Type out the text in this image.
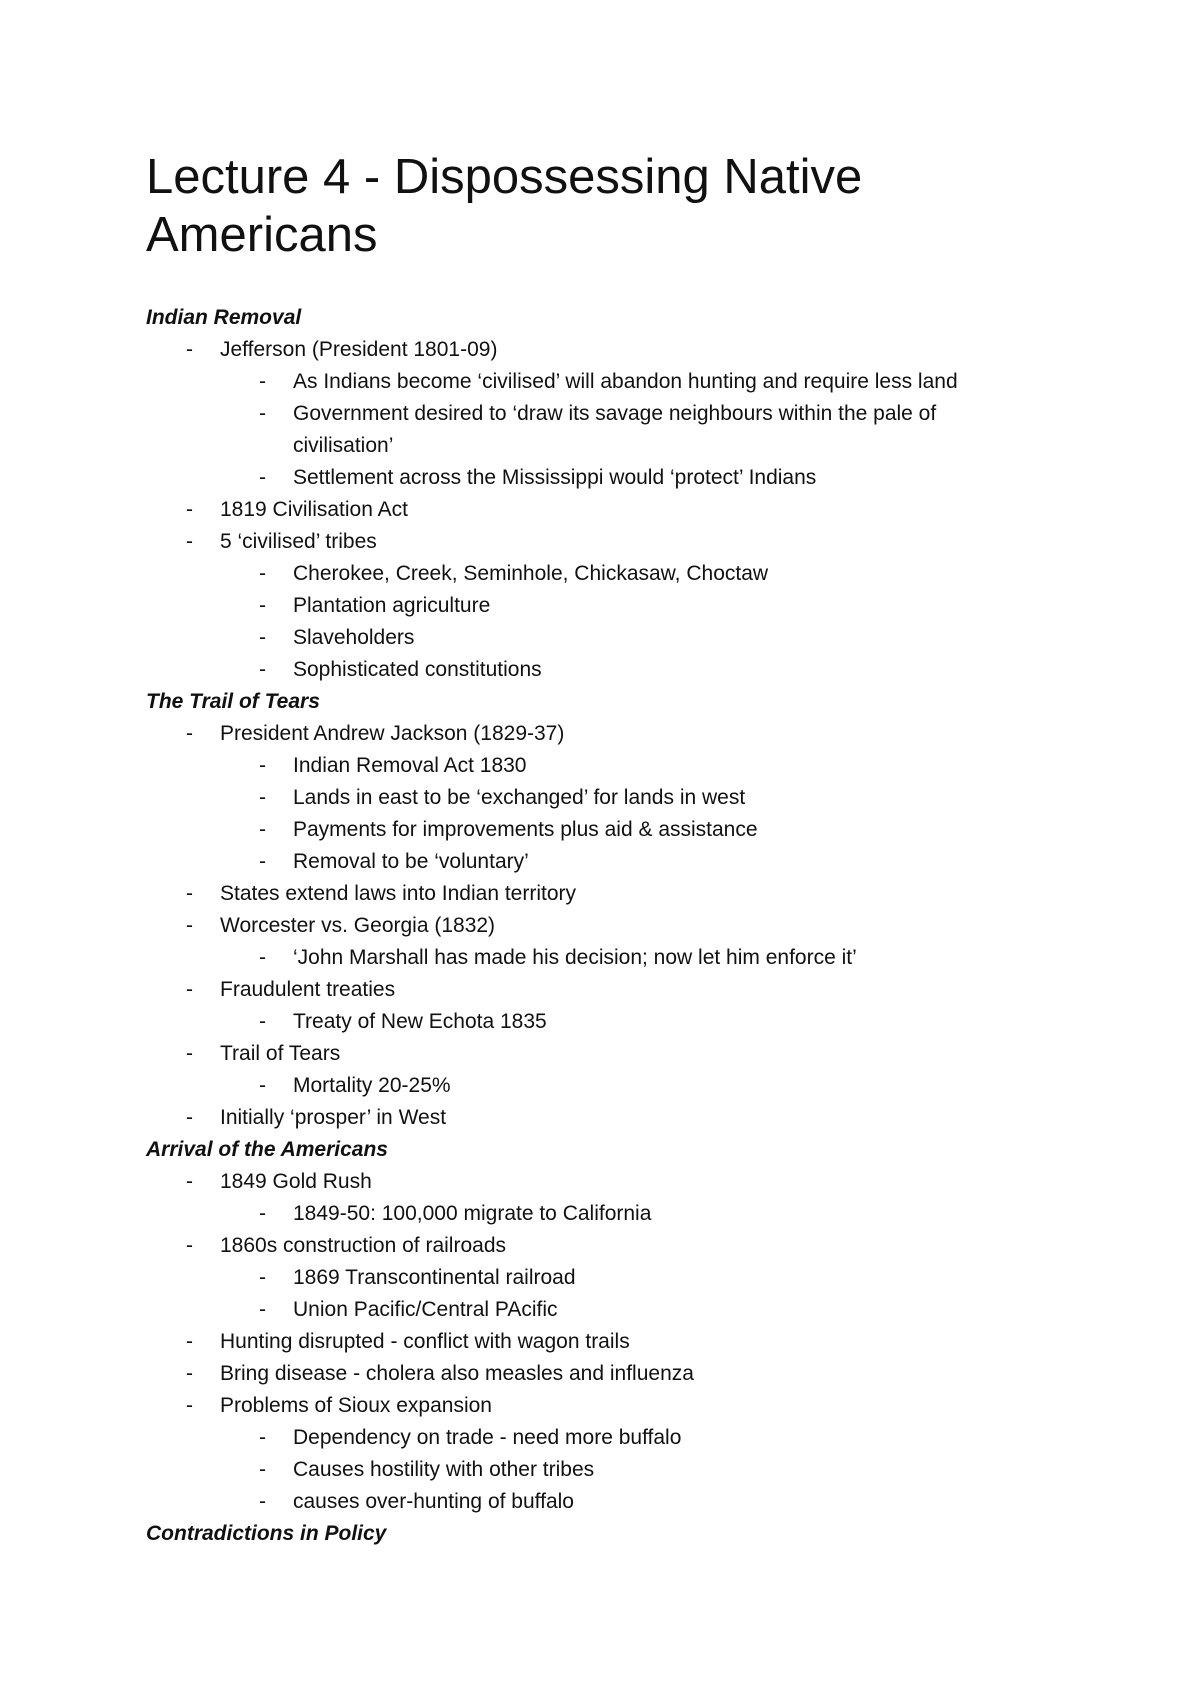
Lecture 4 - Dispossessing Native
Americans
Indian Removal
- Jefferson (President 1801-09)
- As Indians become ‘civilised’ will abandon hunting and require less land
- Government desired to ‘draw its savage neighbours within the pale of
civilisation’
- Settlement across the Mississippi would ‘protect’ Indians
- 1819 Civilisation Act
- 5 ‘civilised’ tribes
- Cherokee, Creek, Seminhole, Chickasaw, Choctaw
- Plantation agriculture
- Slaveholders
- Sophisticated constitutions
The Trail of Tears
- President Andrew Jackson (1829-37)
- Indian Removal Act 1830
- Lands in east to be ‘exchanged’ for lands in west
- Payments for improvements plus aid & assistance
- Removal to be ‘voluntary’
- States extend laws into Indian territory
- Worcester vs. Georgia (1832)
- ‘John Marshall has made his decision; now let him enforce it’
- Fraudulent treaties
- Treaty of New Echota 1835
- Trail of Tears
- Mortality 20-25%
- Initially ‘prosper’ in West
Arrival of the Americans
- 1849 Gold Rush
- 1849-50: 100,000 migrate to California
- 1860s construction of railroads
- 1869 Transcontinental railroad
- Union Pacific/Central PAcific
- Hunting disrupted - conflict with wagon trails
- Bring disease - cholera also measles and influenza
- Problems of Sioux expansion
- Dependency on trade - need more buffalo
- Causes hostility with other tribes
- causes over-hunting of buffalo
Contradictions in Policy
